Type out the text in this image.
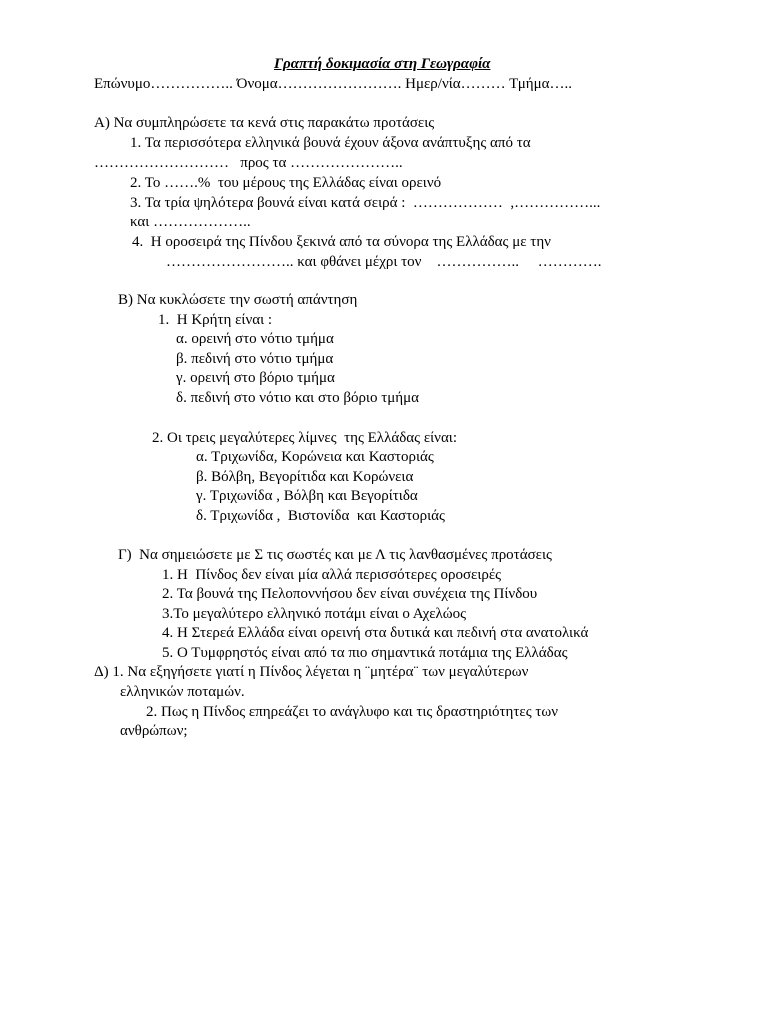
Γραπτή δοκιμασία στη Γεωγραφία
Επώνυμο…………….. Όνομα……………………. Ημερ/νία……… Τμήμα…..
Α) Να συμπληρώσετε τα κενά στις παρακάτω προτάσεις
1. Τα περισσότερα ελληνικά βουνά έχουν άξονα ανάπτυξης από τα
………………………   προς τα …………………..
2. Το …….%  του μέρους της Ελλάδας είναι ορεινό
3. Τα τρία ψηλότερα βουνά είναι κατά σειρά :  ………………  ,……………...
και ………………..
4.  Η οροσειρά της Πίνδου ξεκινά από τα σύνορα της Ελλάδας με την
…………………….. και φθάνει μέχρι τον    ……………..     ………….
Β) Να κυκλώσετε την σωστή απάντηση
1.  Η Κρήτη είναι :
α. ορεινή στο νότιο τμήμα
β. πεδινή στο νότιο τμήμα
γ. ορεινή στο βόριο τμήμα
δ. πεδινή στο νότιο και στο βόριο τμήμα
2. Οι τρεις μεγαλύτερες λίμνες  της Ελλάδας είναι:
α. Τριχωνίδα, Κορώνεια και Καστοριάς
β. Βόλβη, Βεγορίτιδα και Κορώνεια
γ. Τριχωνίδα , Βόλβη και Βεγορίτιδα
δ. Τριχωνίδα ,  Βιστονίδα  και Καστοριάς
Γ)  Να σημειώσετε με Σ τις σωστές και με Λ τις λανθασμένες προτάσεις
1. Η  Πίνδος δεν είναι μία αλλά περισσότερες οροσειρές
2. Τα βουνά της Πελοποννήσου δεν είναι συνέχεια της Πίνδου
3.Το μεγαλύτερο ελληνικό ποτάμι είναι ο Αχελώος
4. Η Στερεά Ελλάδα είναι ορεινή στα δυτικά και πεδινή στα ανατολικά
5. Ο Τυμφρηστός είναι από τα πιο σημαντικά ποτάμια της Ελλάδας
Δ) 1. Να εξηγήσετε γιατί η Πίνδος λέγεται η ¨μητέρα¨ των μεγαλύτερων
ελληνικών ποταμών.
2. Πως η Πίνδος επηρεάζει το ανάγλυφο και τις δραστηριότητες των
ανθρώπων;
